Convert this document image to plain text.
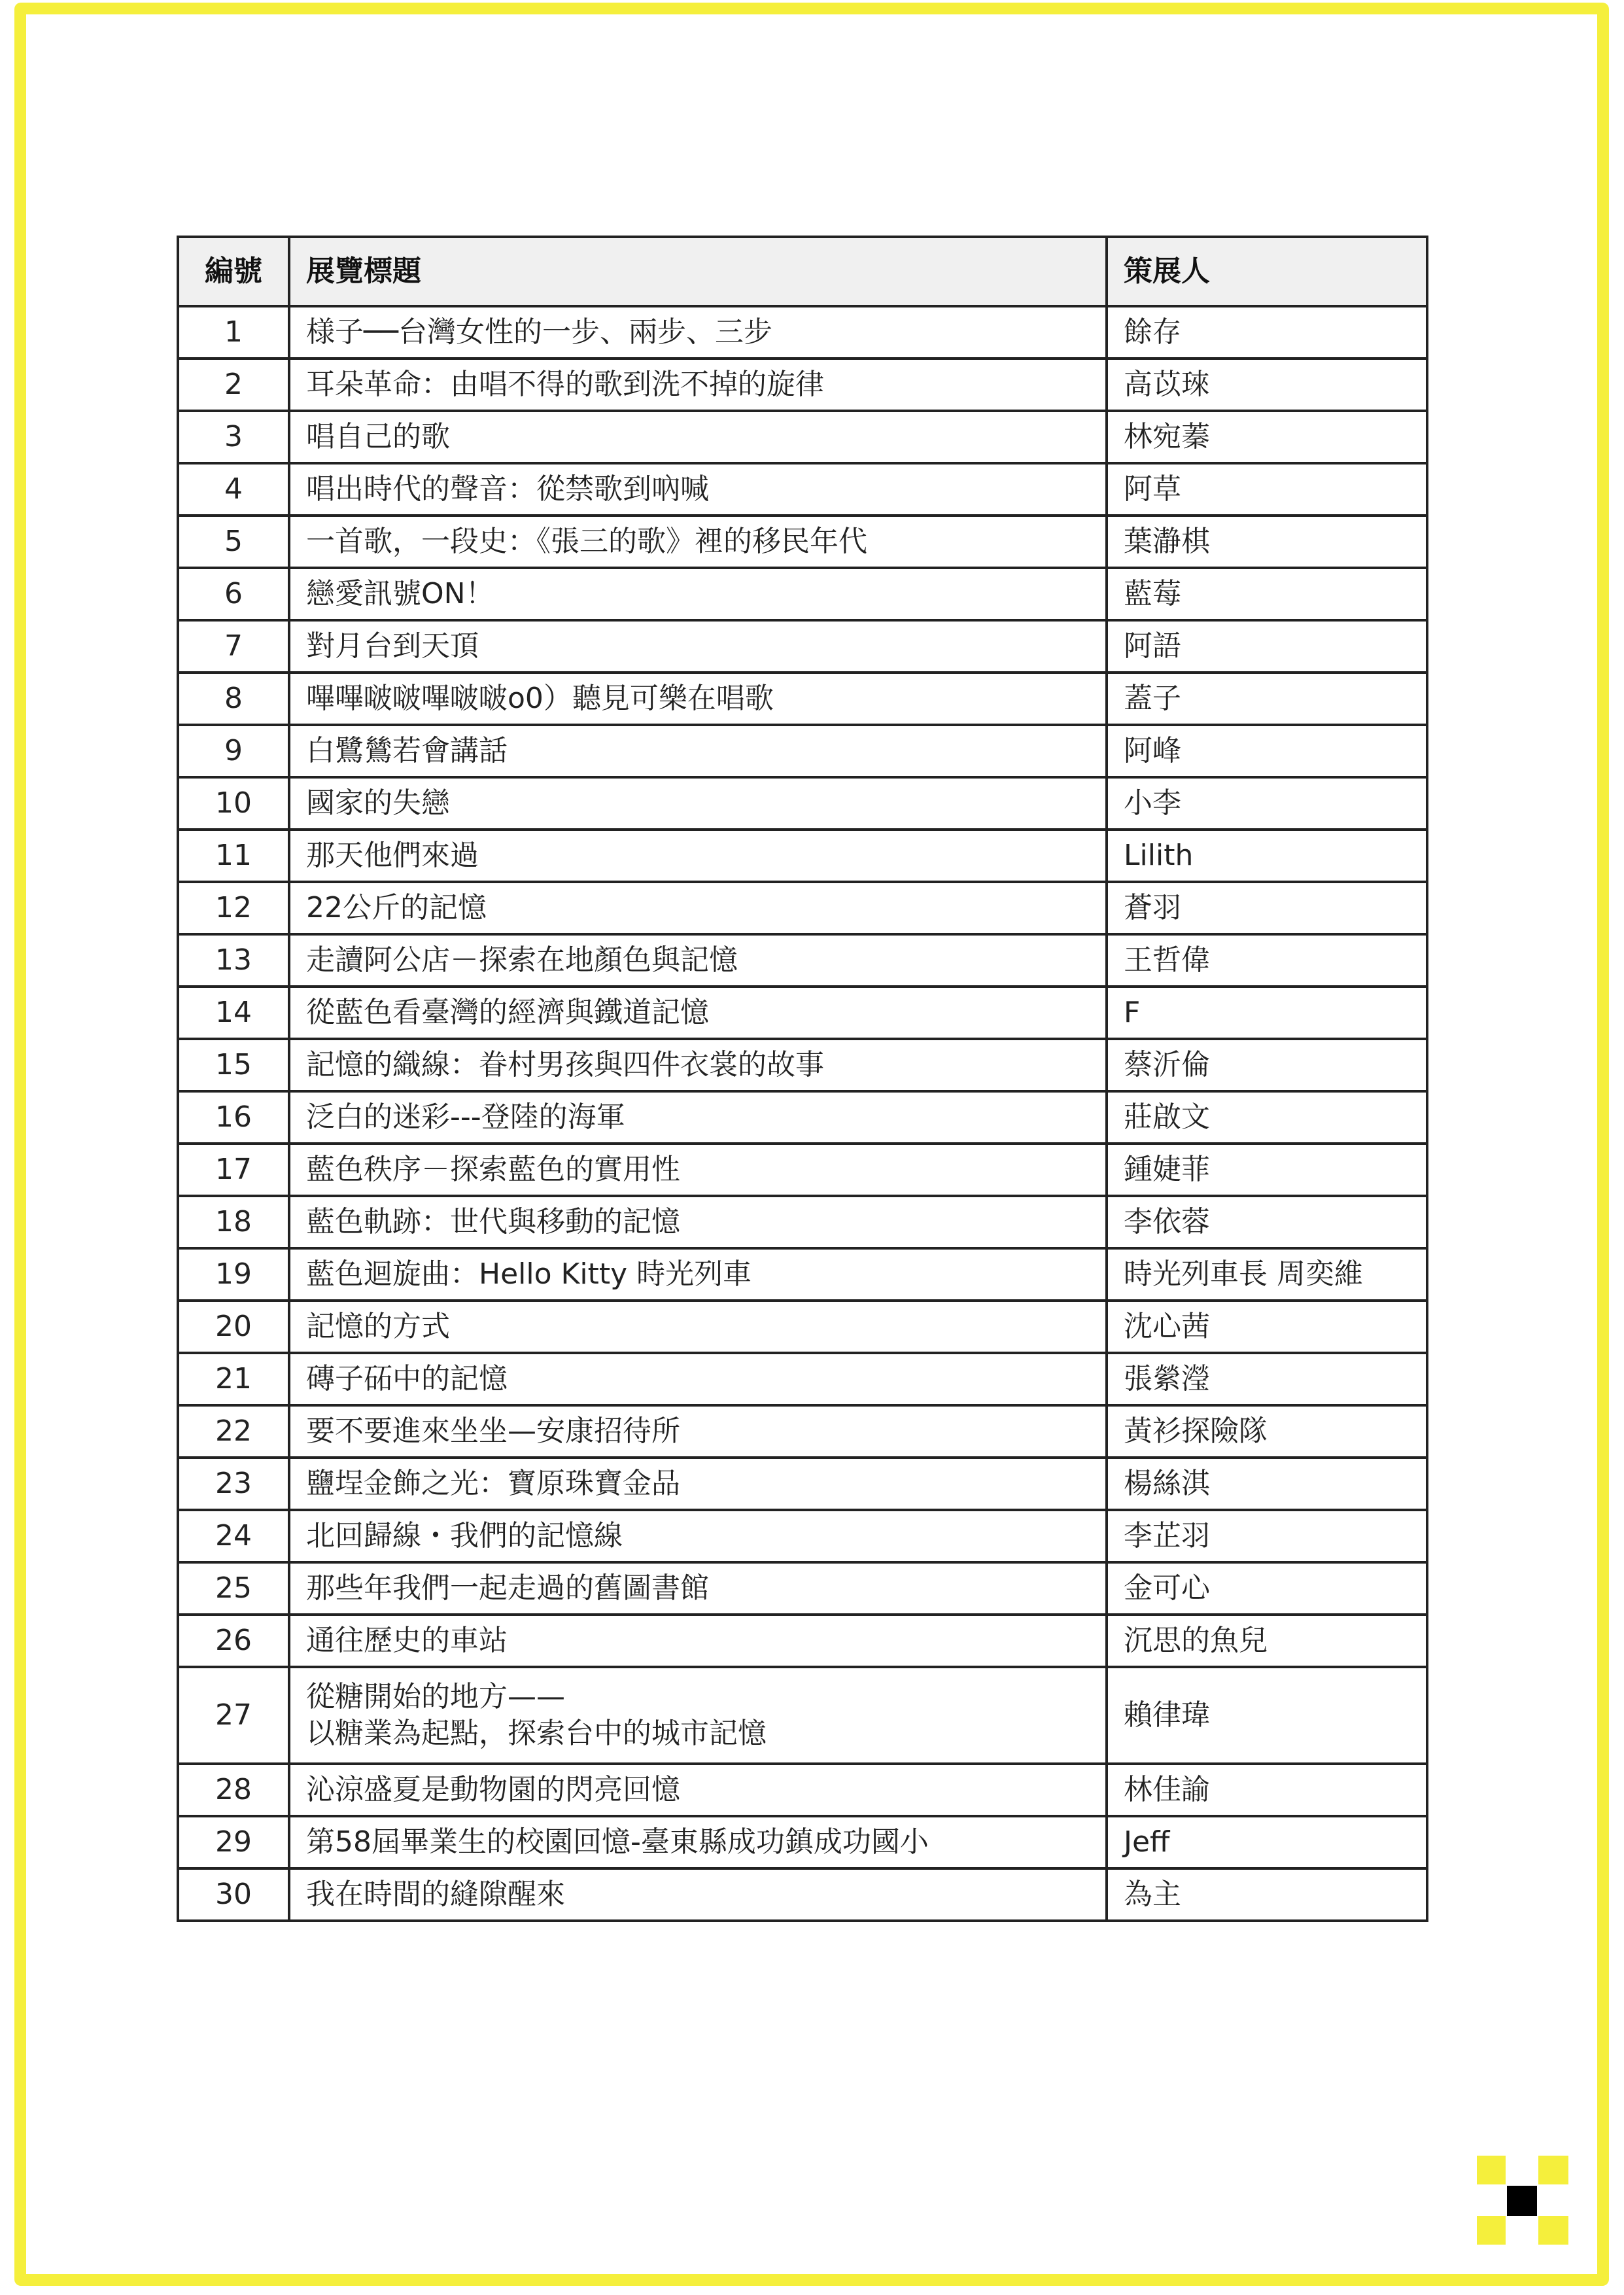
編號	展覽標題	策展人
1	様子──台灣女性的一步、兩步、三步	餘存
2	耳朵革命：由唱不得的歌到洗不掉的旋律	高苡琜
3	唱自己的歌	林宛蓁
4	唱出時代的聲音：從禁歌到吶喊	阿草
5	一首歌，一段史：《張三的歌》裡的移民年代	葉瀞棋
6	戀愛訊號ON！	藍莓
7	對月台到天頂	阿語
8	嗶嗶啵啵嗶啵啵o0）聽見可樂在唱歌	蓋子
9	白鷺鷥若會講話	阿峰
10	國家的失戀	小李
11	那天他們來過	Lilith
12	22公斤的記憶	蒼羽
13	走讀阿公店－探索在地顏色與記憶	王哲偉
14	從藍色看臺灣的經濟與鐵道記憶	F
15	記憶的織線：眷村男孩與四件衣裳的故事	蔡沂倫
16	泛白的迷彩---登陸的海軍	莊啟文
17	藍色秩序－探索藍色的實用性	鍾婕菲
18	藍色軌跡：世代與移動的記憶	李依蓉
19	藍色迴旋曲：Hello Kitty 時光列車	時光列車長 周奕維
20	記憶的方式	沈心茜
21	磚子砳中的記憶	張縈瀅
22	要不要進來坐坐—安康招待所	黃衫探險隊
23	鹽埕金飾之光：寶原珠寶金品	楊絲淇
24	北回歸線・我們的記憶線	李芷羽
25	那些年我們一起走過的舊圖書館	金可心
26	通往歷史的車站	沉思的魚兒
27	從糖開始的地方——
以糖業為起點，探索台中的城市記憶	賴律瑋
28	沁涼盛夏是動物園的閃亮回憶	林佳諭
29	第58屆畢業生的校園回憶-臺東縣成功鎮成功國小	Jeff
30	我在時間的縫隙醒來	為主
